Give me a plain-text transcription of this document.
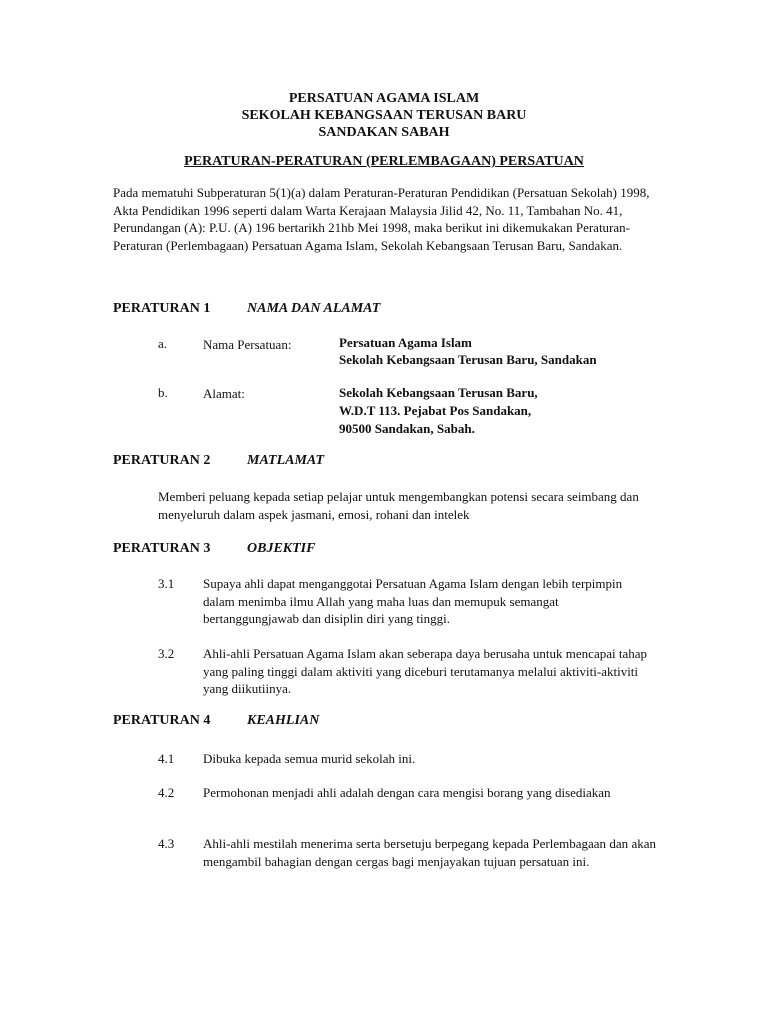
PERSATUAN AGAMA ISLAM
SEKOLAH KEBANGSAAN TERUSAN BARU
SANDAKAN SABAH
PERATURAN-PERATURAN (PERLEMBAGAAN) PERSATUAN

Pada mematuhi Subperaturan 5(1)(a) dalam Peraturan-Peraturan Pendidikan (Persatuan Sekolah) 1998, Akta Pendidikan 1996 seperti dalam Warta Kerajaan Malaysia Jilid 42, No. 11, Tambahan No. 41, Perundangan (A): P.U. (A) 196 bertarikh 21hb Mei 1998, maka berikut ini dikemukakan Peraturan-Peraturan (Perlembagaan) Persatuan Agama Islam, Sekolah Kebangsaan Terusan Baru, Sandakan.

PERATURAN 1	NAMA DAN ALAMAT
a.	Nama Persatuan:	Persatuan Agama Islam
Sekolah Kebangsaan Terusan Baru, Sandakan
b.	Alamat:	Sekolah Kebangsaan Terusan Baru,
W.D.T 113. Pejabat Pos Sandakan,
90500 Sandakan, Sabah.
PERATURAN 2	MATLAMAT

Memberi peluang kepada setiap pelajar untuk mengembangkan potensi secara seimbang dan menyeluruh dalam aspek jasmani, emosi, rohani dan intelek

PERATURAN 3	OBJEKTIF
3.1 Supaya ahli dapat menganggotai Persatuan Agama Islam dengan lebih terpimpin dalam menimba ilmu Allah yang maha luas dan memupuk semangat bertanggungjawab dan disiplin diri yang tinggi.

3.2 Ahli-ahli Persatuan Agama Islam akan seberapa daya berusaha untuk mencapai tahap yang paling tinggi dalam aktiviti yang diceburi terutamanya melalui aktiviti-aktiviti yang diikutiinya.

PERATURAN 4	KEAHLIAN
4.1 Dibuka kepada semua murid sekolah ini.

4.2 Permohonan menjadi ahli adalah dengan cara mengisi borang yang disediakan

4.3 Ahli-ahli mestilah menerima serta bersetuju berpegang kepada Perlembagaan dan akan mengambil bahagian dengan cergas bagi menjayakan tujuan persatuan ini.
